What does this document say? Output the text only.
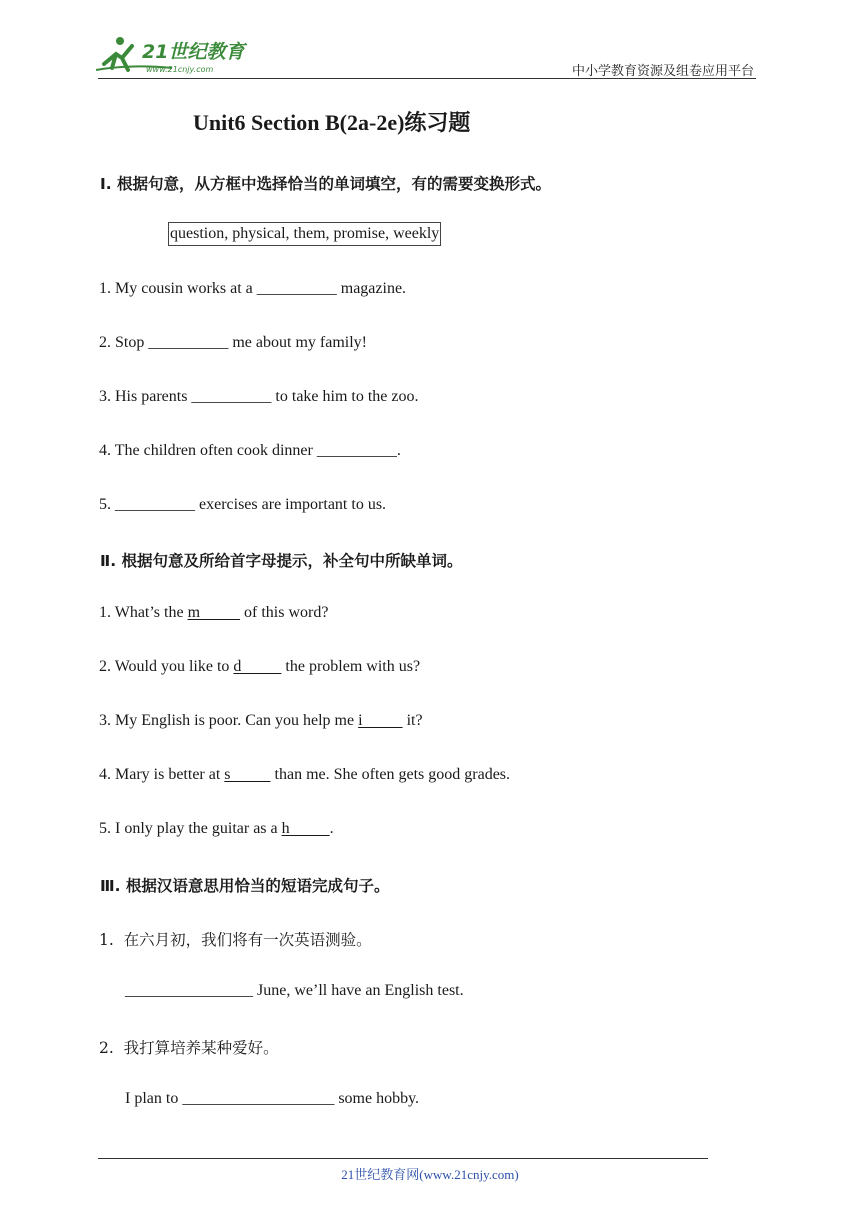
21世纪教育
www.21cnjy.com	中小学教育资源及组卷应用平台
Unit6 Section B(2a-2e)练习题
Ⅰ. 根据句意，从方框中选择恰当的单词填空，有的需要变换形式。
question, physical, them, promise, weekly
1. My cousin works at a __________ magazine.
2. Stop __________ me about my family!
3. His parents __________ to take him to the zoo.
4. The children often cook dinner __________.
5. __________ exercises are important to us.
Ⅱ. 根据句意及所给首字母提示，补全句中所缺单词。
1. What’s the m           of this word?
2. Would you like to d           the problem with us?
3. My English is poor. Can you help me i           it?
4. Mary is better at s           than me. She often gets good grades.
5. I only play the guitar as a h          .
Ⅲ. 根据汉语意思用恰当的短语完成句子。
1.  在六月初，我们将有一次英语测验。
________________ June, we’ll have an English test.
2.  我打算培养某种爱好。
I plan to ___________________ some hobby.
21世纪教育网(www.21cnjy.com)
